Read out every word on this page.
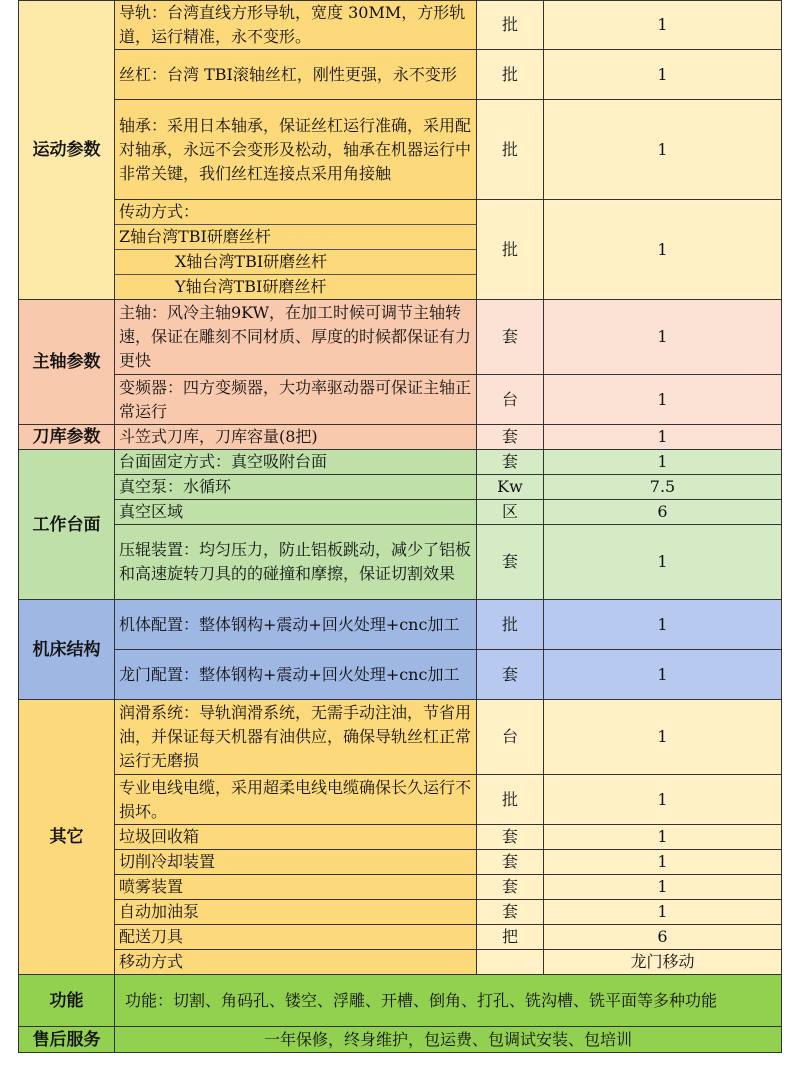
运动参数	导轨：台湾直线方形导轨，宽度 30MM，方形轨道，运行精准，永不变形。	批	1
	丝杠：台湾 TBI滚轴丝杠，刚性更强，永不变形	批	1
	轴承：采用日本轴承，保证丝杠运行准确，采用配对轴承，永远不会变形及松动，轴承在机器运行中非常关键，我们丝杠连接点采用角接触	批	1

	传动方式：
Z轴台湾TBI研磨丝杆
X轴台湾TBI研磨丝杆
Y轴台湾TBI研磨丝杆	批	1
主轴参数	主轴：风冷主轴9KW，在加工时候可调节主轴转速，保证在雕刻不同材质、厚度的时候都保证有力更快	套	1
	变频器：四方变频器，大功率驱动器可保证主轴正常运行	台	1
刀库参数	斗笠式刀库，刀库容量(8把)	套	1
工作台面	台面固定方式：真空吸附台面	套	1
	真空泵：水循环	Kw	7.5
	真空区域	区	6
	压辊装置：均匀压力，防止铝板跳动，减少了铝板和高速旋转刀具的的碰撞和摩擦，保证切割效果	套	1
机床结构	机体配置：整体钢构+震动+回火处理+cnc加工	批	1
	龙门配置：整体钢构+震动+回火处理+cnc加工	套	1
其它	润滑系统：导轨润滑系统，无需手动注油，节省用油，并保证每天机器有油供应，确保导轨丝杠正常运行无磨损	台	1
	专业电线电缆，采用超柔电线电缆确保长久运行不损坏。	批	1
	垃圾回收箱	套	1
	切削冷却装置	套	1
	喷雾装置	套	1
	自动加油泵	套	1
	配送刀具	把	6
	移动方式		龙门移动
功能	功能：切割、角码孔、镂空、浮雕、开槽、倒角、打孔、铣沟槽、铣平面等多种功能		
售后服务	一年保修，终身维护，包运费、包调试安装、包培训		
